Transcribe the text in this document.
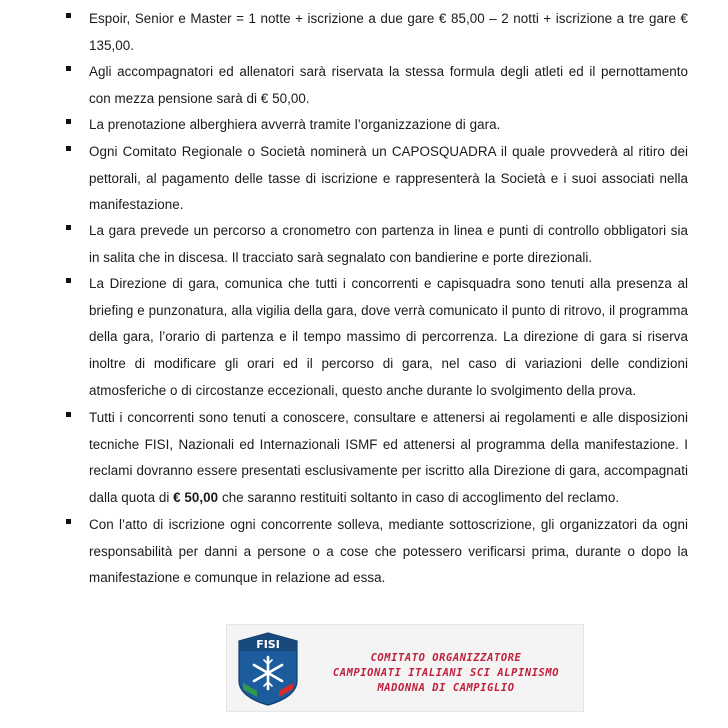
Espoir, Senior e Master = 1 notte + iscrizione a due gare € 85,00 – 2 notti + iscrizione a tre gare € 135,00.
Agli accompagnatori ed allenatori sarà riservata la stessa formula degli atleti ed il pernottamento con mezza pensione sarà di € 50,00.
La prenotazione alberghiera avverrà tramite l’organizzazione di gara.
Ogni Comitato Regionale o Società nominerà un CAPOSQUADRA il quale provvederà al ritiro dei pettorali, al pagamento delle tasse di iscrizione e rappresenterà la Società e i suoi associati nella manifestazione.
La gara prevede un percorso a cronometro con partenza in linea e punti di controllo obbligatori sia in salita che in discesa. Il tracciato sarà segnalato con bandierine e porte direzionali.
La Direzione di gara, comunica che tutti i concorrenti e capisquadra sono tenuti alla presenza al briefing e punzonatura, alla vigilia della gara, dove verrà comunicato il punto di ritrovo, il programma della gara, l’orario di partenza e il tempo massimo di percorrenza. La direzione di gara si riserva inoltre di modificare gli orari ed il percorso di gara, nel caso di variazioni delle condizioni atmosferiche o di circostanze eccezionali, questo anche durante lo svolgimento della prova.
Tutti i concorrenti sono tenuti a conoscere, consultare e attenersi ai regolamenti e alle disposizioni tecniche FISI, Nazionali ed Internazionali ISMF ed attenersi al programma della manifestazione. I reclami dovranno essere presentati esclusivamente per iscritto alla Direzione di gara, accompagnati dalla quota di € 50,00 che saranno restituiti soltanto in caso di accoglimento del reclamo.
Con l’atto di iscrizione ogni concorrente solleva, mediante sottoscrizione, gli organizzatori da ogni responsabilità per danni a persone o a cose che potessero verificarsi prima, durante o dopo la manifestazione e comunque in relazione ad essa.
FISI
COMITATO ORGANIZZATORE
CAMPIONATI ITALIANI SCI ALPINISMO
MADONNA DI CAMPIGLIO
